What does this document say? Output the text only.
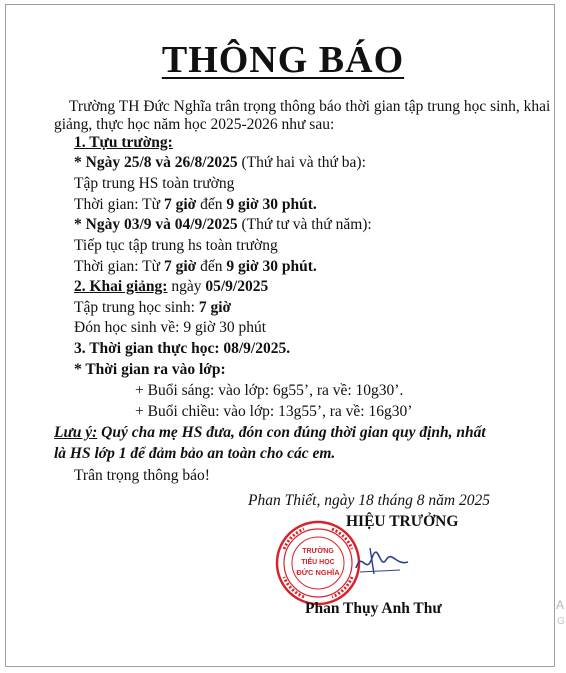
THÔNG BÁO
Trường TH Đức Nghĩa trân trọng thông báo thời gian tập trung học sinh, khai
giảng, thực học năm học 2025-2026 như sau:
1. Tựu trường:
* Ngày 25/8 và 26/8/2025 (Thứ hai và thứ ba):
Tập trung HS toàn trường
Thời gian: Từ 7 giờ đến 9 giờ 30 phút.
* Ngày 03/9 và 04/9/2025 (Thứ tư và thứ năm):
Tiếp tục tập trung hs toàn trường
Thời gian: Từ 7 giờ đến 9 giờ 30 phút.
2. Khai giảng: ngày 05/9/2025
Tập trung học sinh: 7 giờ
Đón học sinh về: 9 giờ 30 phút
3. Thời gian thực học: 08/9/2025.
* Thời gian ra vào lớp:
+ Buổi sáng: vào lớp: 6g55’, ra về: 10g30’.
+ Buổi chiều: vào lớp: 13g55’, ra về: 16g30’
Lưu ý: Quý cha mẹ HS đưa, đón con đúng thời gian quy định, nhất
là HS lớp 1 để đảm bảo an toàn cho các em.
Trân trọng thông báo!
Phan Thiết, ngày 18 tháng 8 năm 2025
HIỆU TRƯỞNG
TRƯỜNG
TIỂU HỌC
ĐỨC NGHĨA
Phan Thụy Anh Thư	A
G
